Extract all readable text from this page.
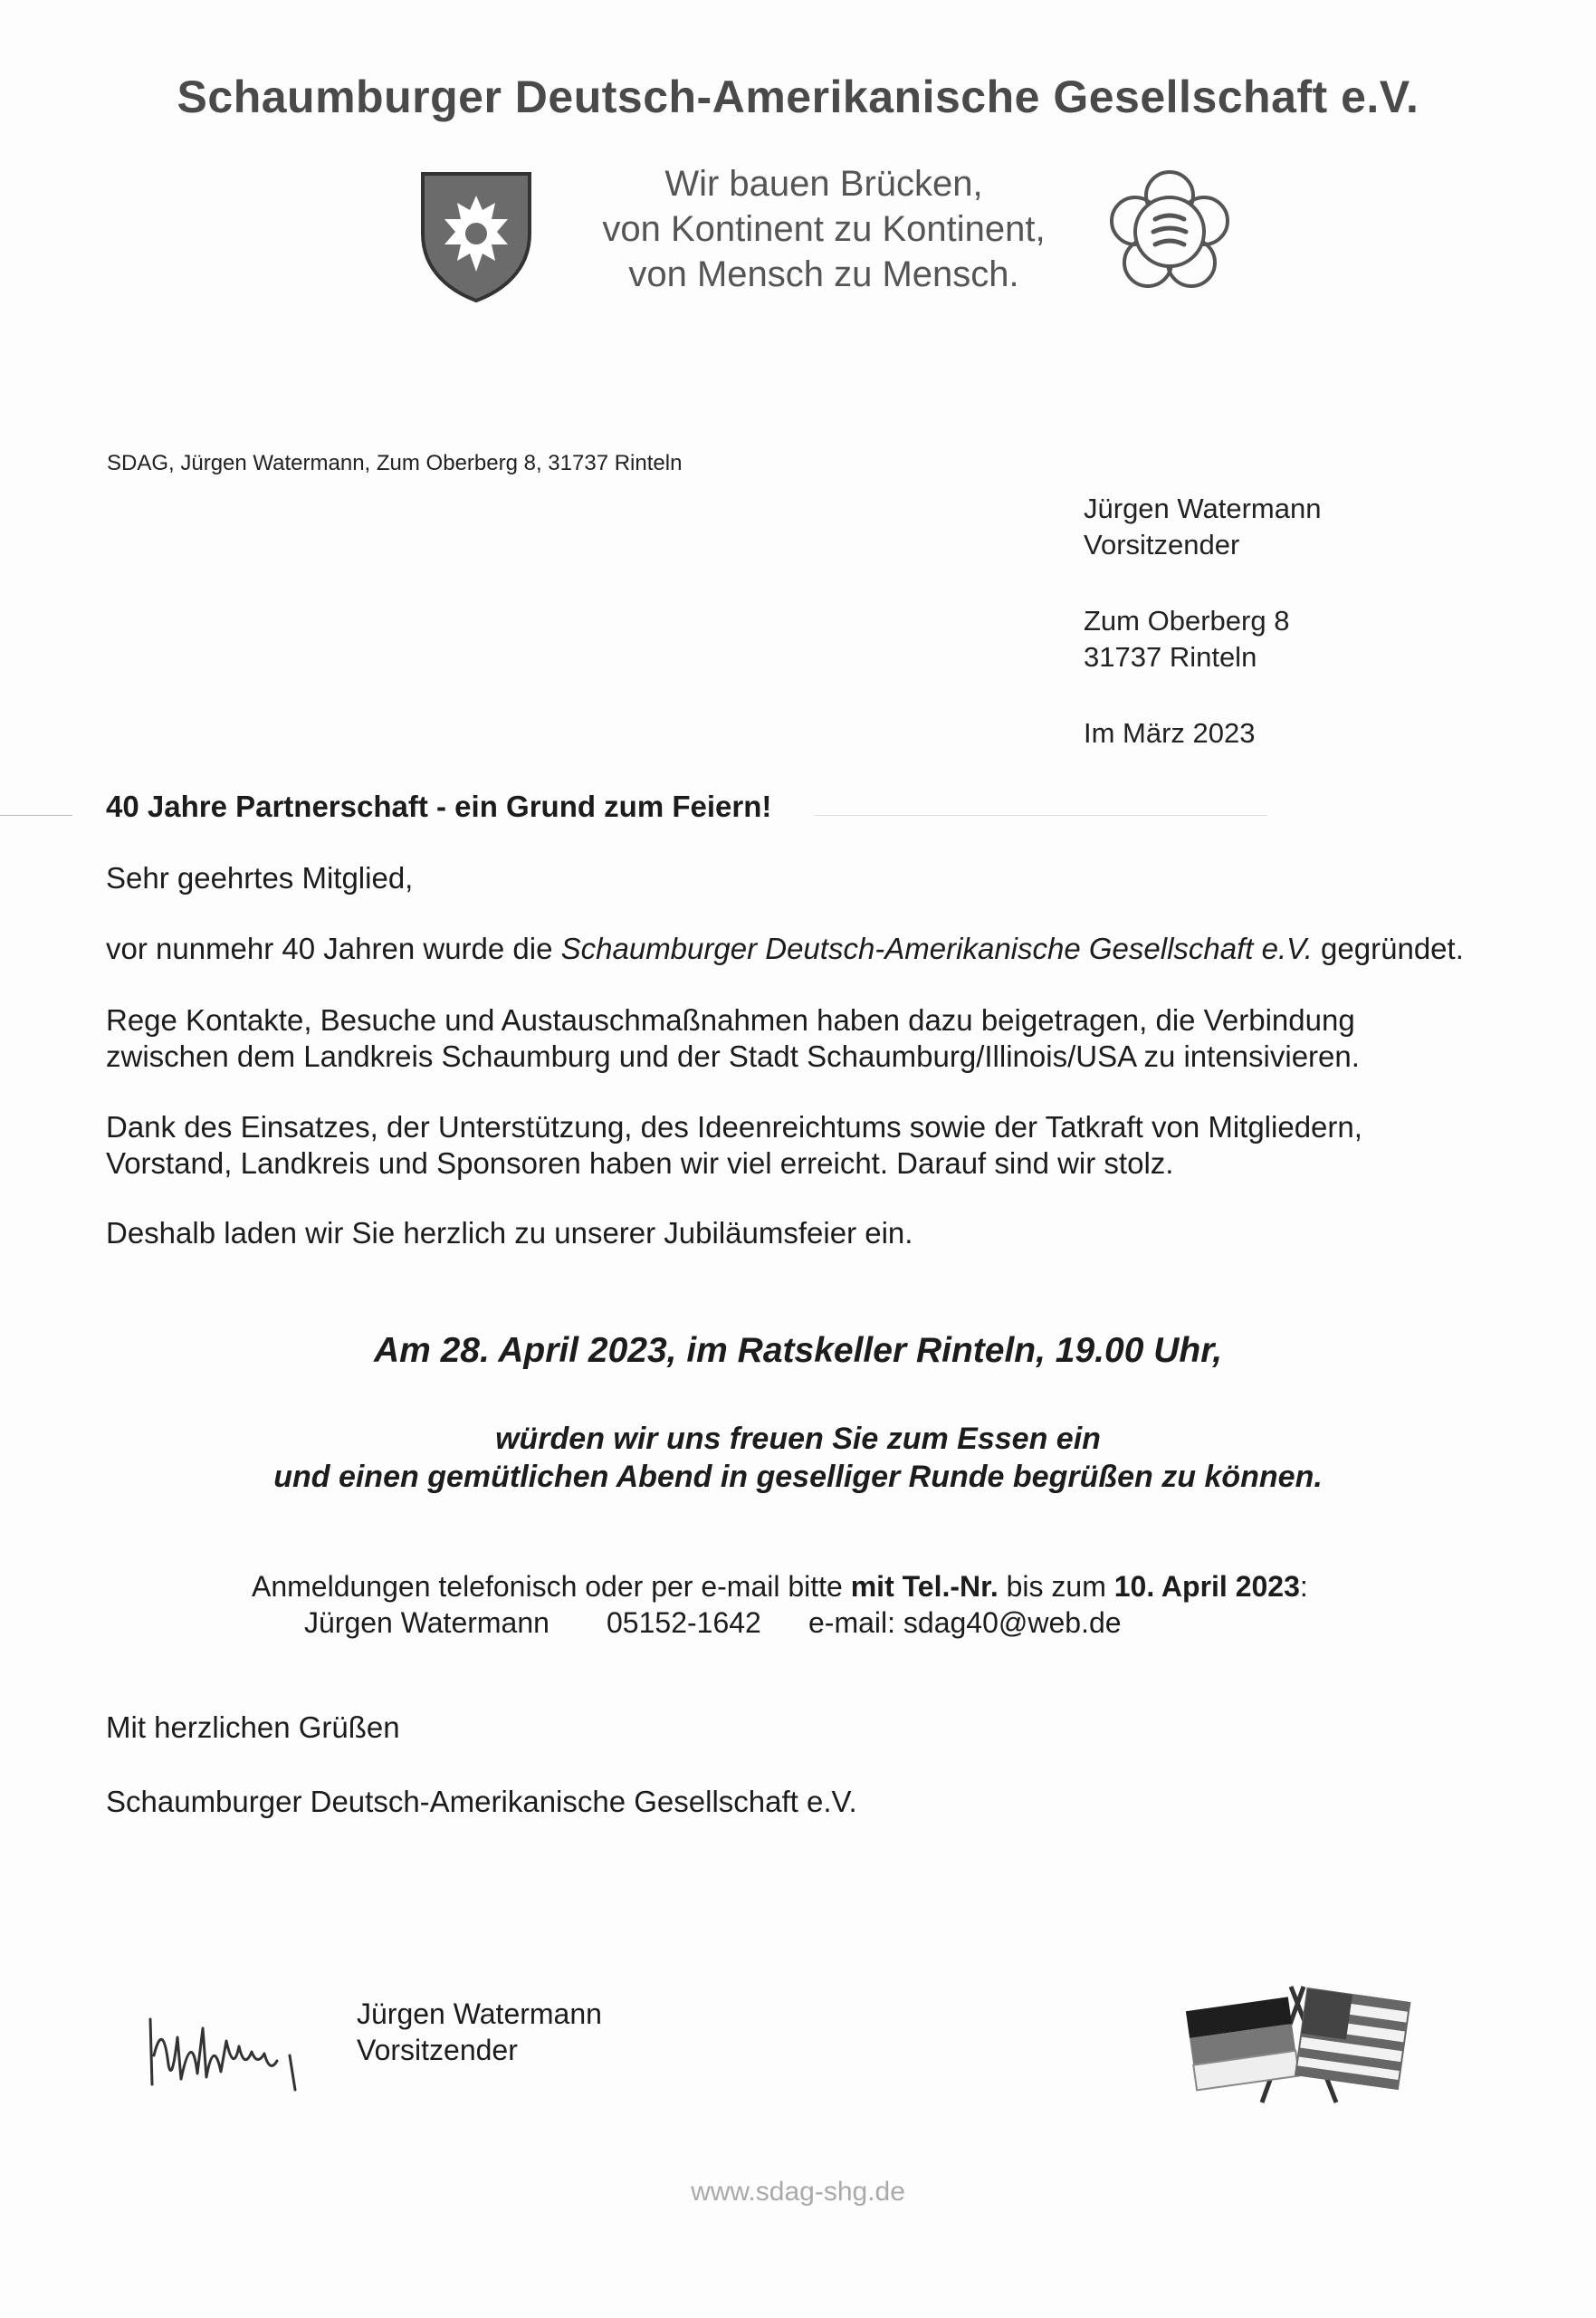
Schaumburger Deutsch-Amerikanische Gesellschaft e.V.
Wir bauen Brücken,
von Kontinent zu Kontinent,
von Mensch zu Mensch.
SDAG, Jürgen Watermann, Zum Oberberg 8, 31737 Rinteln
Jürgen Watermann
Vorsitzender
Zum Oberberg 8
31737 Rinteln
Im März 2023
40 Jahre Partnerschaft - ein Grund zum Feiern!
Sehr geehrtes Mitglied,
vor nunmehr 40 Jahren wurde die Schaumburger Deutsch-Amerikanische Gesellschaft e.V. gegründet.
Rege Kontakte, Besuche und Austauschmaßnahmen haben dazu beigetragen, die Verbindung
zwischen dem Landkreis Schaumburg und der Stadt Schaumburg/Illinois/USA zu intensivieren.
Dank des Einsatzes, der Unterstützung, des Ideenreichtums sowie der Tatkraft von Mitgliedern,
Vorstand, Landkreis und Sponsoren haben wir viel erreicht. Darauf sind wir stolz.
Deshalb laden wir Sie herzlich zu unserer Jubiläumsfeier ein.
Am 28. April 2023, im Ratskeller Rinteln, 19.00 Uhr,
würden wir uns freuen Sie zum Essen ein
und einen gemütlichen Abend in geselliger Runde begrüßen zu können.
Anmeldungen telefonisch oder per e-mail bitte mit Tel.-Nr. bis zum 10. April 2023:
Jürgen Watermann 05152-1642 e-mail: sdag40@web.de
Mit herzlichen Grüßen
Schaumburger Deutsch-Amerikanische Gesellschaft e.V.
Jürgen Watermann
Vorsitzender
www.sdag-shg.de
